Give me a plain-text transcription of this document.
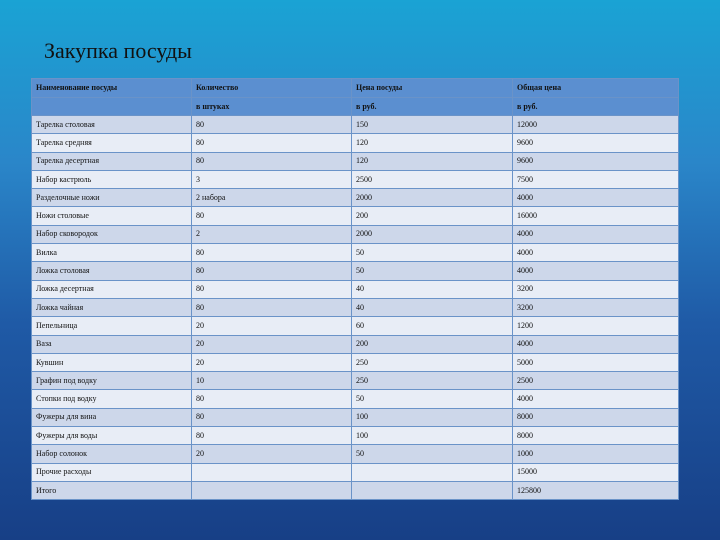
Закупка посуды
Наименование посуды	Количество	Цена посуды	Общая цена
	в штуках	в руб.	в руб.
Тарелка столовая	80	150	12000
Тарелка средняя	80	120	9600
Тарелка десертная	80	120	9600
Набор кастрюль	3	2500	7500
Разделочные ножи	2 набора	2000	4000
Ножи столовые	80	200	16000
Набор сковородок	2	2000	4000
Вилка	80	50	4000
Ложка столовая	80	50	4000
Ложка десертная	80	40	3200
Ложка чайная	80	40	3200
Пепельница	20	60	1200
Ваза	20	200	4000
Кувшин	20	250	5000
Графин под водку	10	250	2500
Стопки под водку	80	50	4000
Фужеры для вина	80	100	8000
Фужеры для воды	80	100	8000
Набор солонок	20	50	1000
Прочие расходы			15000
Итого			125800
